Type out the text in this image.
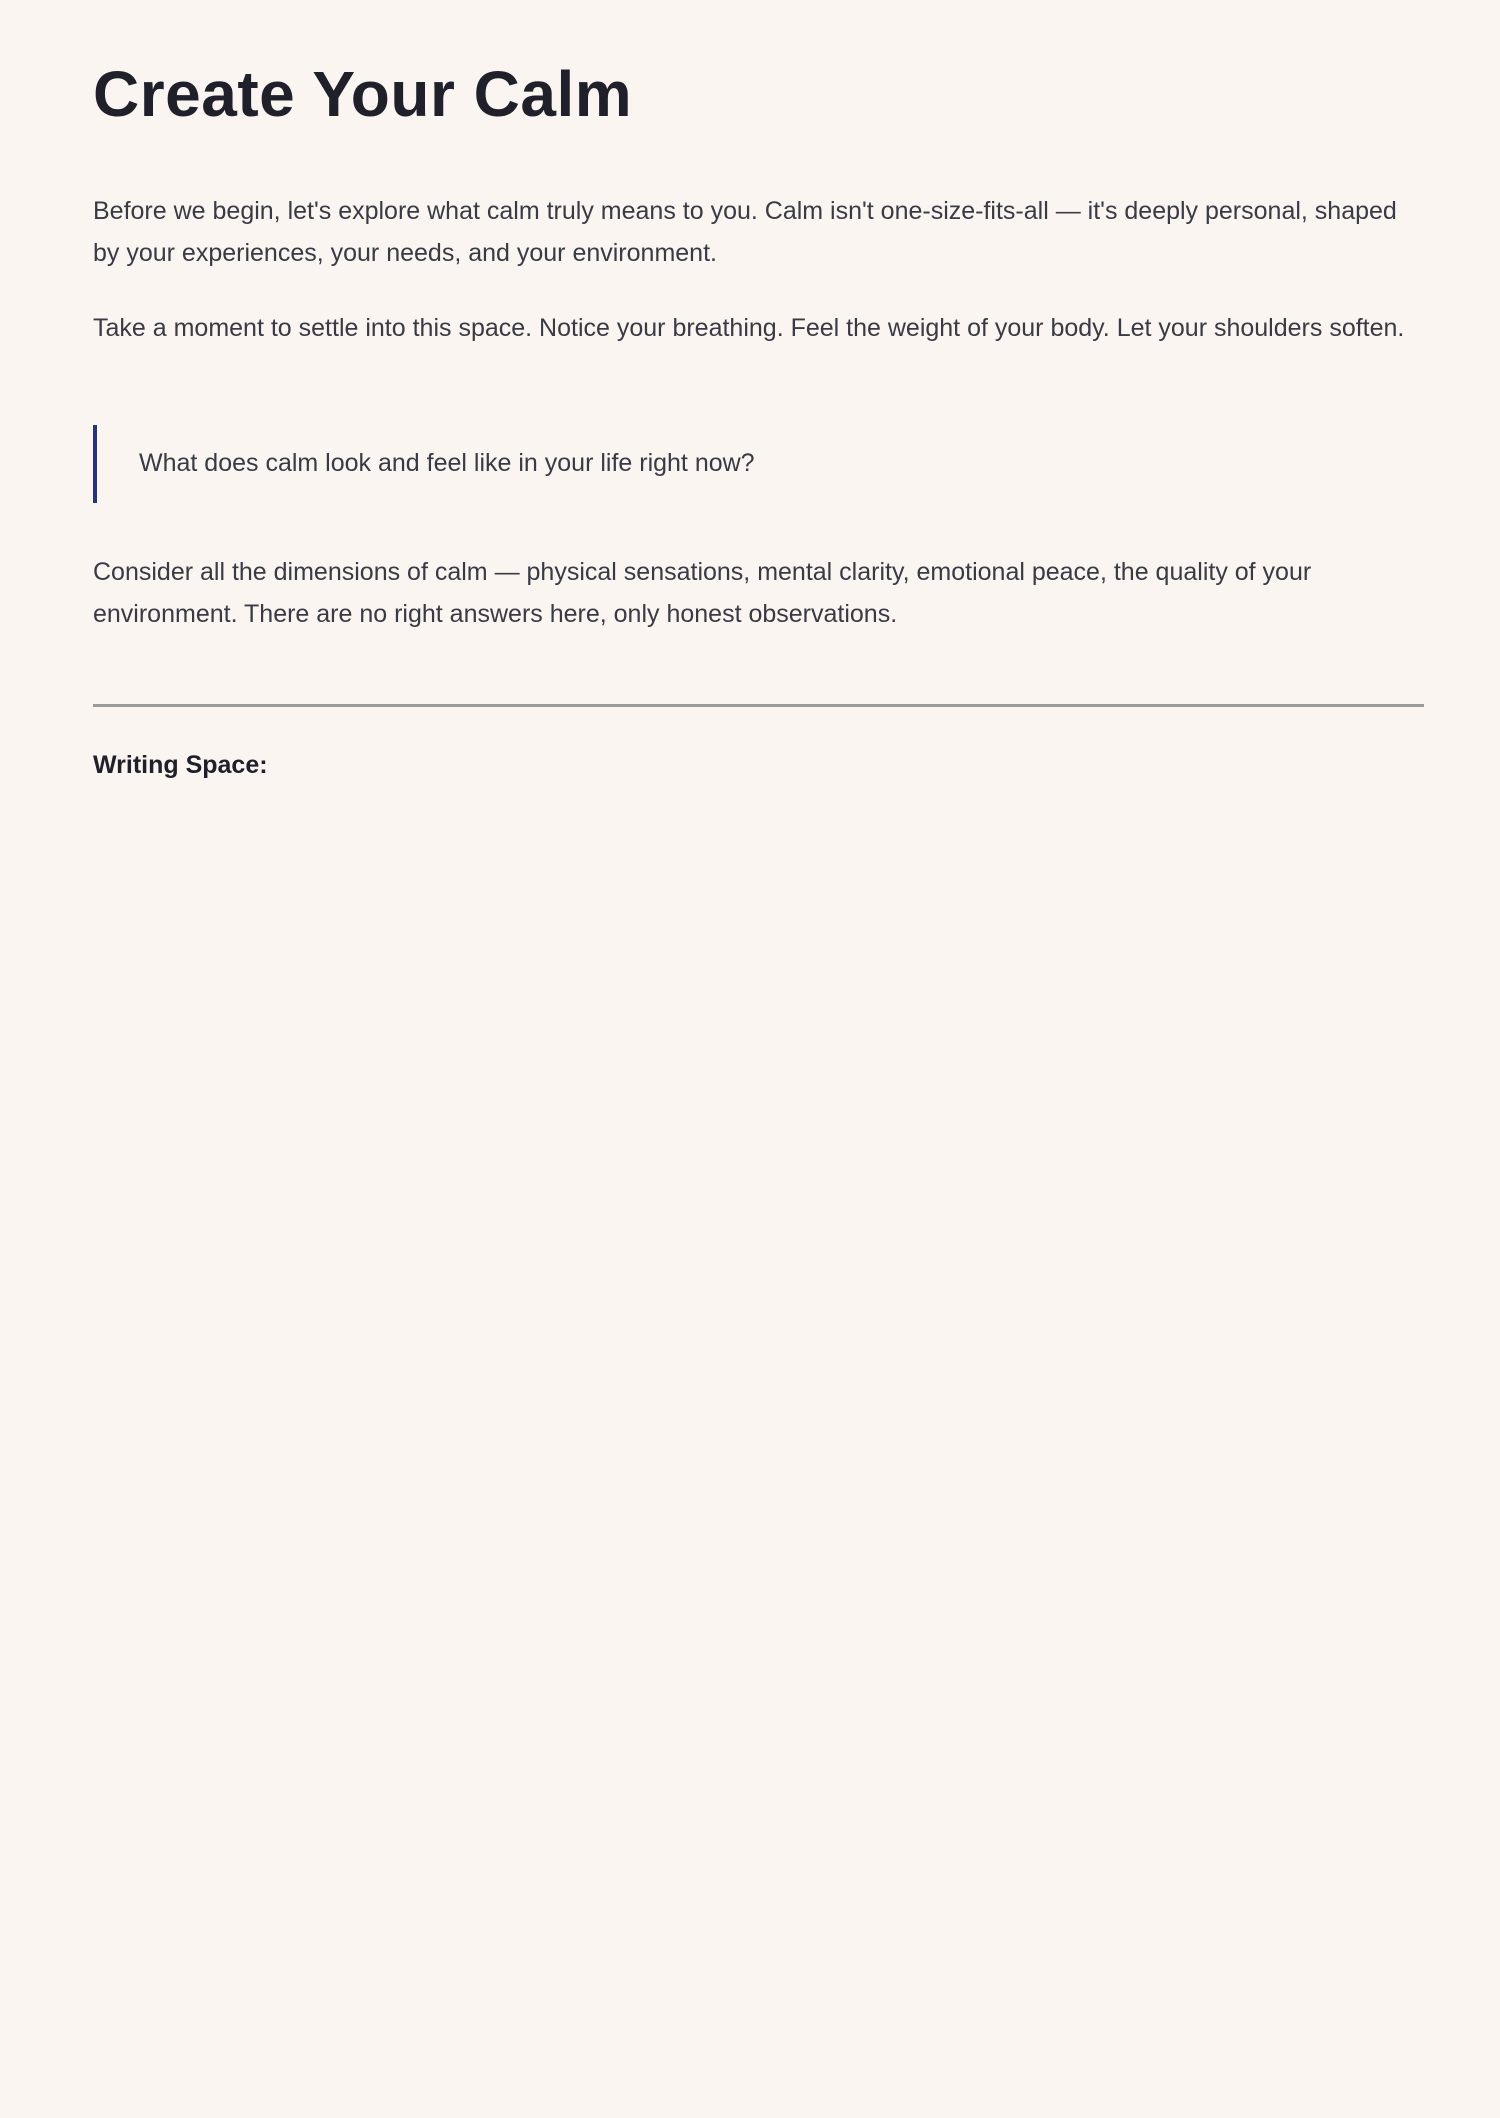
Create Your Calm

Before we begin, let's explore what calm truly means to you. Calm isn't one-size-fits-all — it's deeply personal, shaped by your experiences, your needs, and your environment.

Take a moment to settle into this space. Notice your breathing. Feel the weight of your body. Let your shoulders soften.

What does calm look and feel like in your life right now?

Consider all the dimensions of calm — physical sensations, mental clarity, emotional peace, the quality of your environment. There are no right answers here, only honest observations.

Writing Space:
